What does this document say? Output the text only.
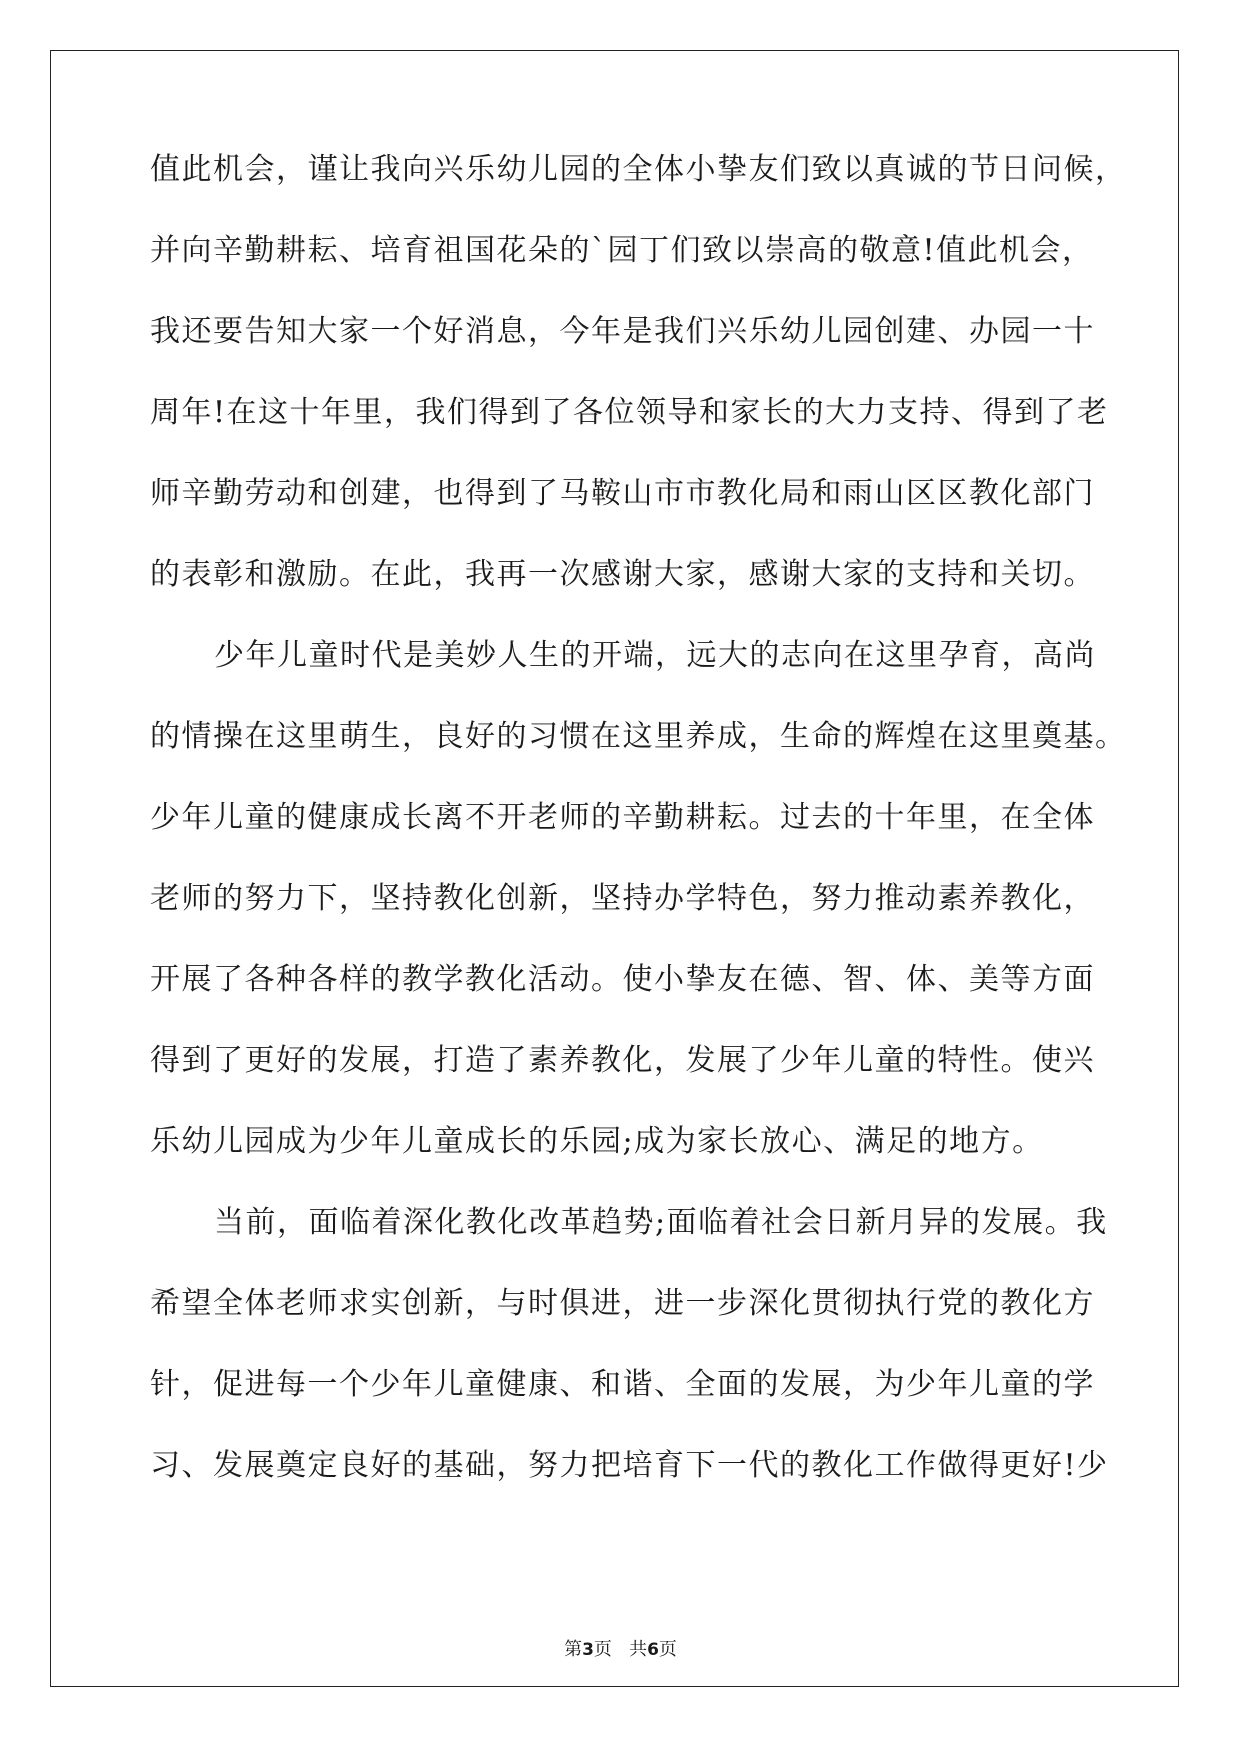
值此机会，谨让我向兴乐幼儿园的全体小挚友们致以真诚的节日问候，
并向辛勤耕耘、培育祖国花朵的`园丁们致以崇高的敬意!值此机会，
我还要告知大家一个好消息，今年是我们兴乐幼儿园创建、办园一十
周年!在这十年里，我们得到了各位领导和家长的大力支持、得到了老
师辛勤劳动和创建，也得到了马鞍山市市教化局和雨山区区教化部门
的表彰和激励。在此，我再一次感谢大家，感谢大家的支持和关切。
少年儿童时代是美妙人生的开端，远大的志向在这里孕育，高尚
的情操在这里萌生，良好的习惯在这里养成，生命的辉煌在这里奠基。
少年儿童的健康成长离不开老师的辛勤耕耘。过去的十年里，在全体
老师的努力下，坚持教化创新，坚持办学特色，努力推动素养教化，
开展了各种各样的教学教化活动。使小挚友在德、智、体、美等方面
得到了更好的发展，打造了素养教化，发展了少年儿童的特性。使兴
乐幼儿园成为少年儿童成长的乐园;成为家长放心、满足的地方。
当前，面临着深化教化改革趋势;面临着社会日新月异的发展。我
希望全体老师求实创新，与时俱进，进一步深化贯彻执行党的教化方
针，促进每一个少年儿童健康、和谐、全面的发展，为少年儿童的学
习、发展奠定良好的基础，努力把培育下一代的教化工作做得更好!少
第3页 共6页
